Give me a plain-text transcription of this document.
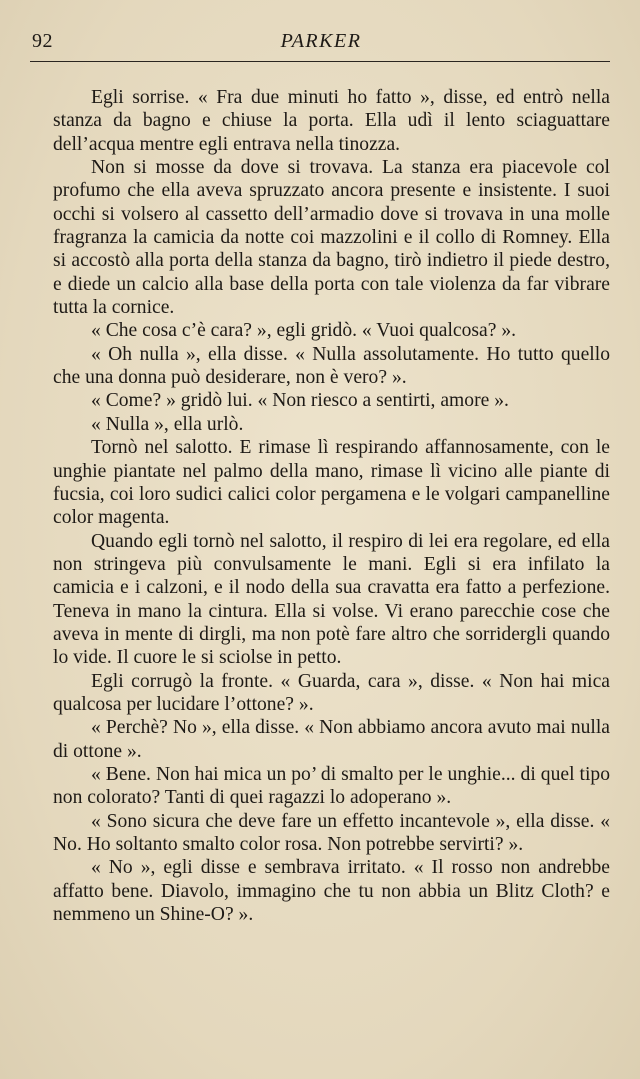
92	PARKER

Egli sorrise. « Fra due minuti ho fatto », disse, ed entrò nella stanza da bagno e chiuse la porta. Ella udì il lento sciaguattare dell’acqua mentre egli entrava nella tinozza.

Non si mosse da dove si trovava. La stanza era piacevole col profumo che ella aveva spruzzato ancora presente e insistente. I suoi occhi si volsero al cassetto dell’armadio dove si trovava in una molle fragranza la camicia da notte coi mazzolini e il collo di Romney. Ella si accostò alla porta della stanza da bagno, tirò indietro il piede destro, e diede un calcio alla base della porta con tale violenza da far vibrare tutta la cornice.

« Che cosa c’è cara? », egli gridò. « Vuoi qualcosa? ».

« Oh nulla », ella disse. « Nulla assolutamente. Ho tutto quello che una donna può desiderare, non è vero? ».

« Come? » gridò lui. « Non riesco a sentirti, amore ».

« Nulla », ella urlò.

Tornò nel salotto. E rimase lì respirando affannosamente, con le unghie piantate nel palmo della mano, rimase lì vicino alle piante di fucsia, coi loro sudici calici color pergamena e le volgari campanelline color magenta.

Quando egli tornò nel salotto, il respiro di lei era regolare, ed ella non stringeva più convulsamente le mani. Egli si era infilato la camicia e i calzoni, e il nodo della sua cravatta era fatto a perfezione. Teneva in mano la cintura. Ella si volse. Vi erano parecchie cose che aveva in mente di dirgli, ma non potè fare altro che sorridergli quando lo vide. Il cuore le si sciolse in petto.

Egli corrugò la fronte. « Guarda, cara », disse. « Non hai mica qualcosa per lucidare l’ottone? ».

« Perchè? No », ella disse. « Non abbiamo ancora avuto mai nulla di ottone ».

« Bene. Non hai mica un po’ di smalto per le unghie... di quel tipo non colorato? Tanti di quei ragazzi lo adoperano ».

« Sono sicura che deve fare un effetto incantevole », ella disse. « No. Ho soltanto smalto color rosa. Non potrebbe servirti? ».

« No », egli disse e sembrava irritato. « Il rosso non andrebbe affatto bene. Diavolo, immagino che tu non abbia un Blitz Cloth? e nemmeno un Shine-O? ».
